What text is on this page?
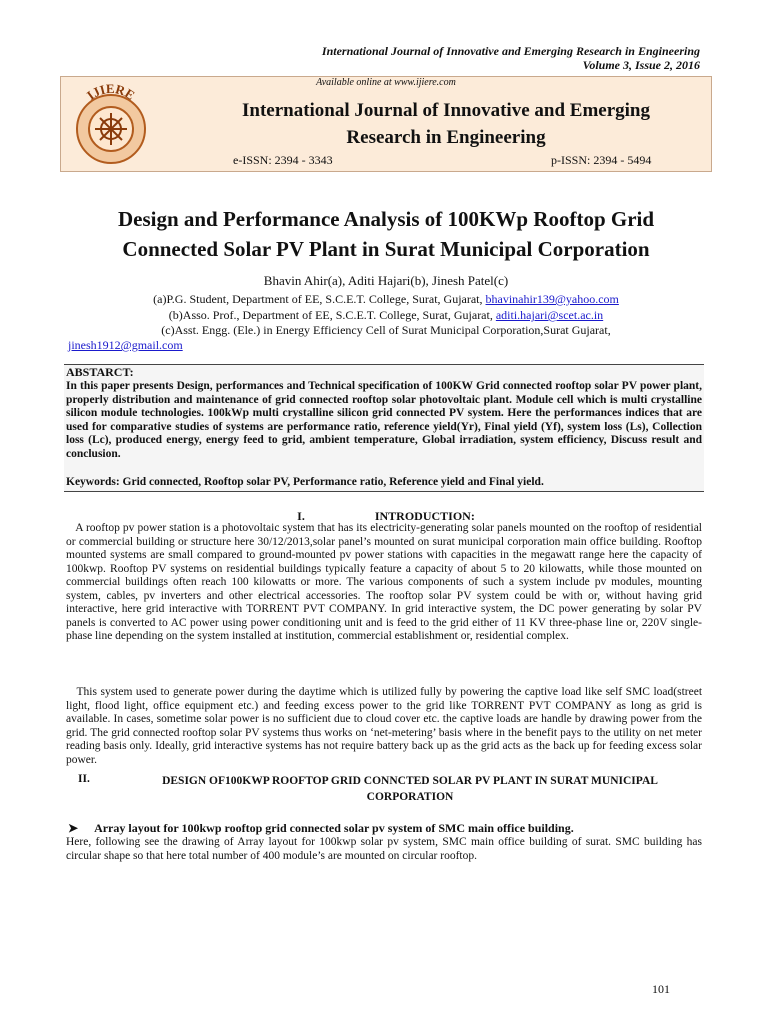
International Journal of Innovative and Emerging Research in Engineering
Volume 3, Issue 2, 2016
Available online at www.ijiere.com
IJIERE
International Journal of Innovative and Emerging
Research in Engineering
e-ISSN: 2394 - 3343	p-ISSN: 2394 - 5494
Design and Performance Analysis of 100KWp Rooftop Grid
Connected Solar PV Plant in Surat Municipal Corporation
Bhavin Ahir(a), Aditi Hajari(b), Jinesh Patel(c)
(a)P.G. Student, Department of EE, S.C.E.T. College, Surat, Gujarat, bhavinahir139@yahoo.com
(b)Asso. Prof., Department of EE, S.C.E.T. College, Surat, Gujarat, aditi.hajari@scet.ac.in
(c)Asst. Engg. (Ele.) in Energy Efficiency Cell of Surat Municipal Corporation,Surat Gujarat,
jinesh1912@gmail.com
ABSTARCT:
In this paper presents Design, performances and Technical specification of 100KW Grid connected rooftop solar PV power plant, properly distribution and maintenance of grid connected rooftop solar photovoltaic plant. Module cell which is multi crystalline silicon module technologies. 100kWp multi crystalline silicon grid connected PV system. Here the performances indices that are used for comparative studies of systems are performance ratio, reference yield(Yr), Final yield (Yf), system loss (Ls), Collection loss (Lc), produced energy, energy feed to grid, ambient temperature, Global irradiation, system efficiency, Discuss result and conclusion.
Keywords: Grid connected, Rooftop solar PV, Performance ratio, Reference yield and Final yield.
I.	INTRODUCTION:
A rooftop pv power station is a photovoltaic system that has its electricity-generating solar panels mounted on the rooftop of residential or commercial building or structure here 30/12/2013,solar panel’s mounted on surat municipal corporation main office building. Rooftop mounted systems are small compared to ground-mounted pv power stations with capacities in the megawatt range here the capacity of 100kwp. Rooftop PV systems on residential buildings typically feature a capacity of about 5 to 20 kilowatts, while those mounted on commercial buildings often reach 100 kilowatts or more. The various components of such a system include pv modules, mounting system, cables, pv inverters and other electrical accessories. The rooftop solar PV system could be with or, without having grid interactive, here grid interactive with TORRENT PVT COMPANY. In grid interactive system, the DC power generating by solar PV panels is converted to AC power using power conditioning unit and is feed to the grid either of 11 KV three-phase line or, 220V single-phase line depending on the system installed at institution, commercial establishment or, residential complex.
This system used to generate power during the daytime which is utilized fully by powering the captive load like self SMC load(street light, flood light, office equipment etc.) and feeding excess power to the grid like TORRENT PVT COMPANY as long as grid is available. In cases, sometime solar power is no sufficient due to cloud cover etc. the captive loads are handle by drawing power from the grid. The grid connected rooftop solar PV systems thus works on ‘net-metering’ basis where in the benefit pays to the utility on net meter reading basis only. Ideally, grid interactive systems has not require battery back up as the grid acts as the back up for feeding excess solar power.
II.	DESIGN OF100KWP ROOFTOP GRID CONNCTED SOLAR PV PLANT IN SURAT MUNICIPAL CORPORATION
➤ Array layout for 100kwp rooftop grid connected solar pv system of SMC main office building.
Here, following see the drawing of Array layout for 100kwp solar pv system, SMC main office building of surat. SMC building has circular shape so that here total number of 400 module’s are mounted on circular rooftop.
101
